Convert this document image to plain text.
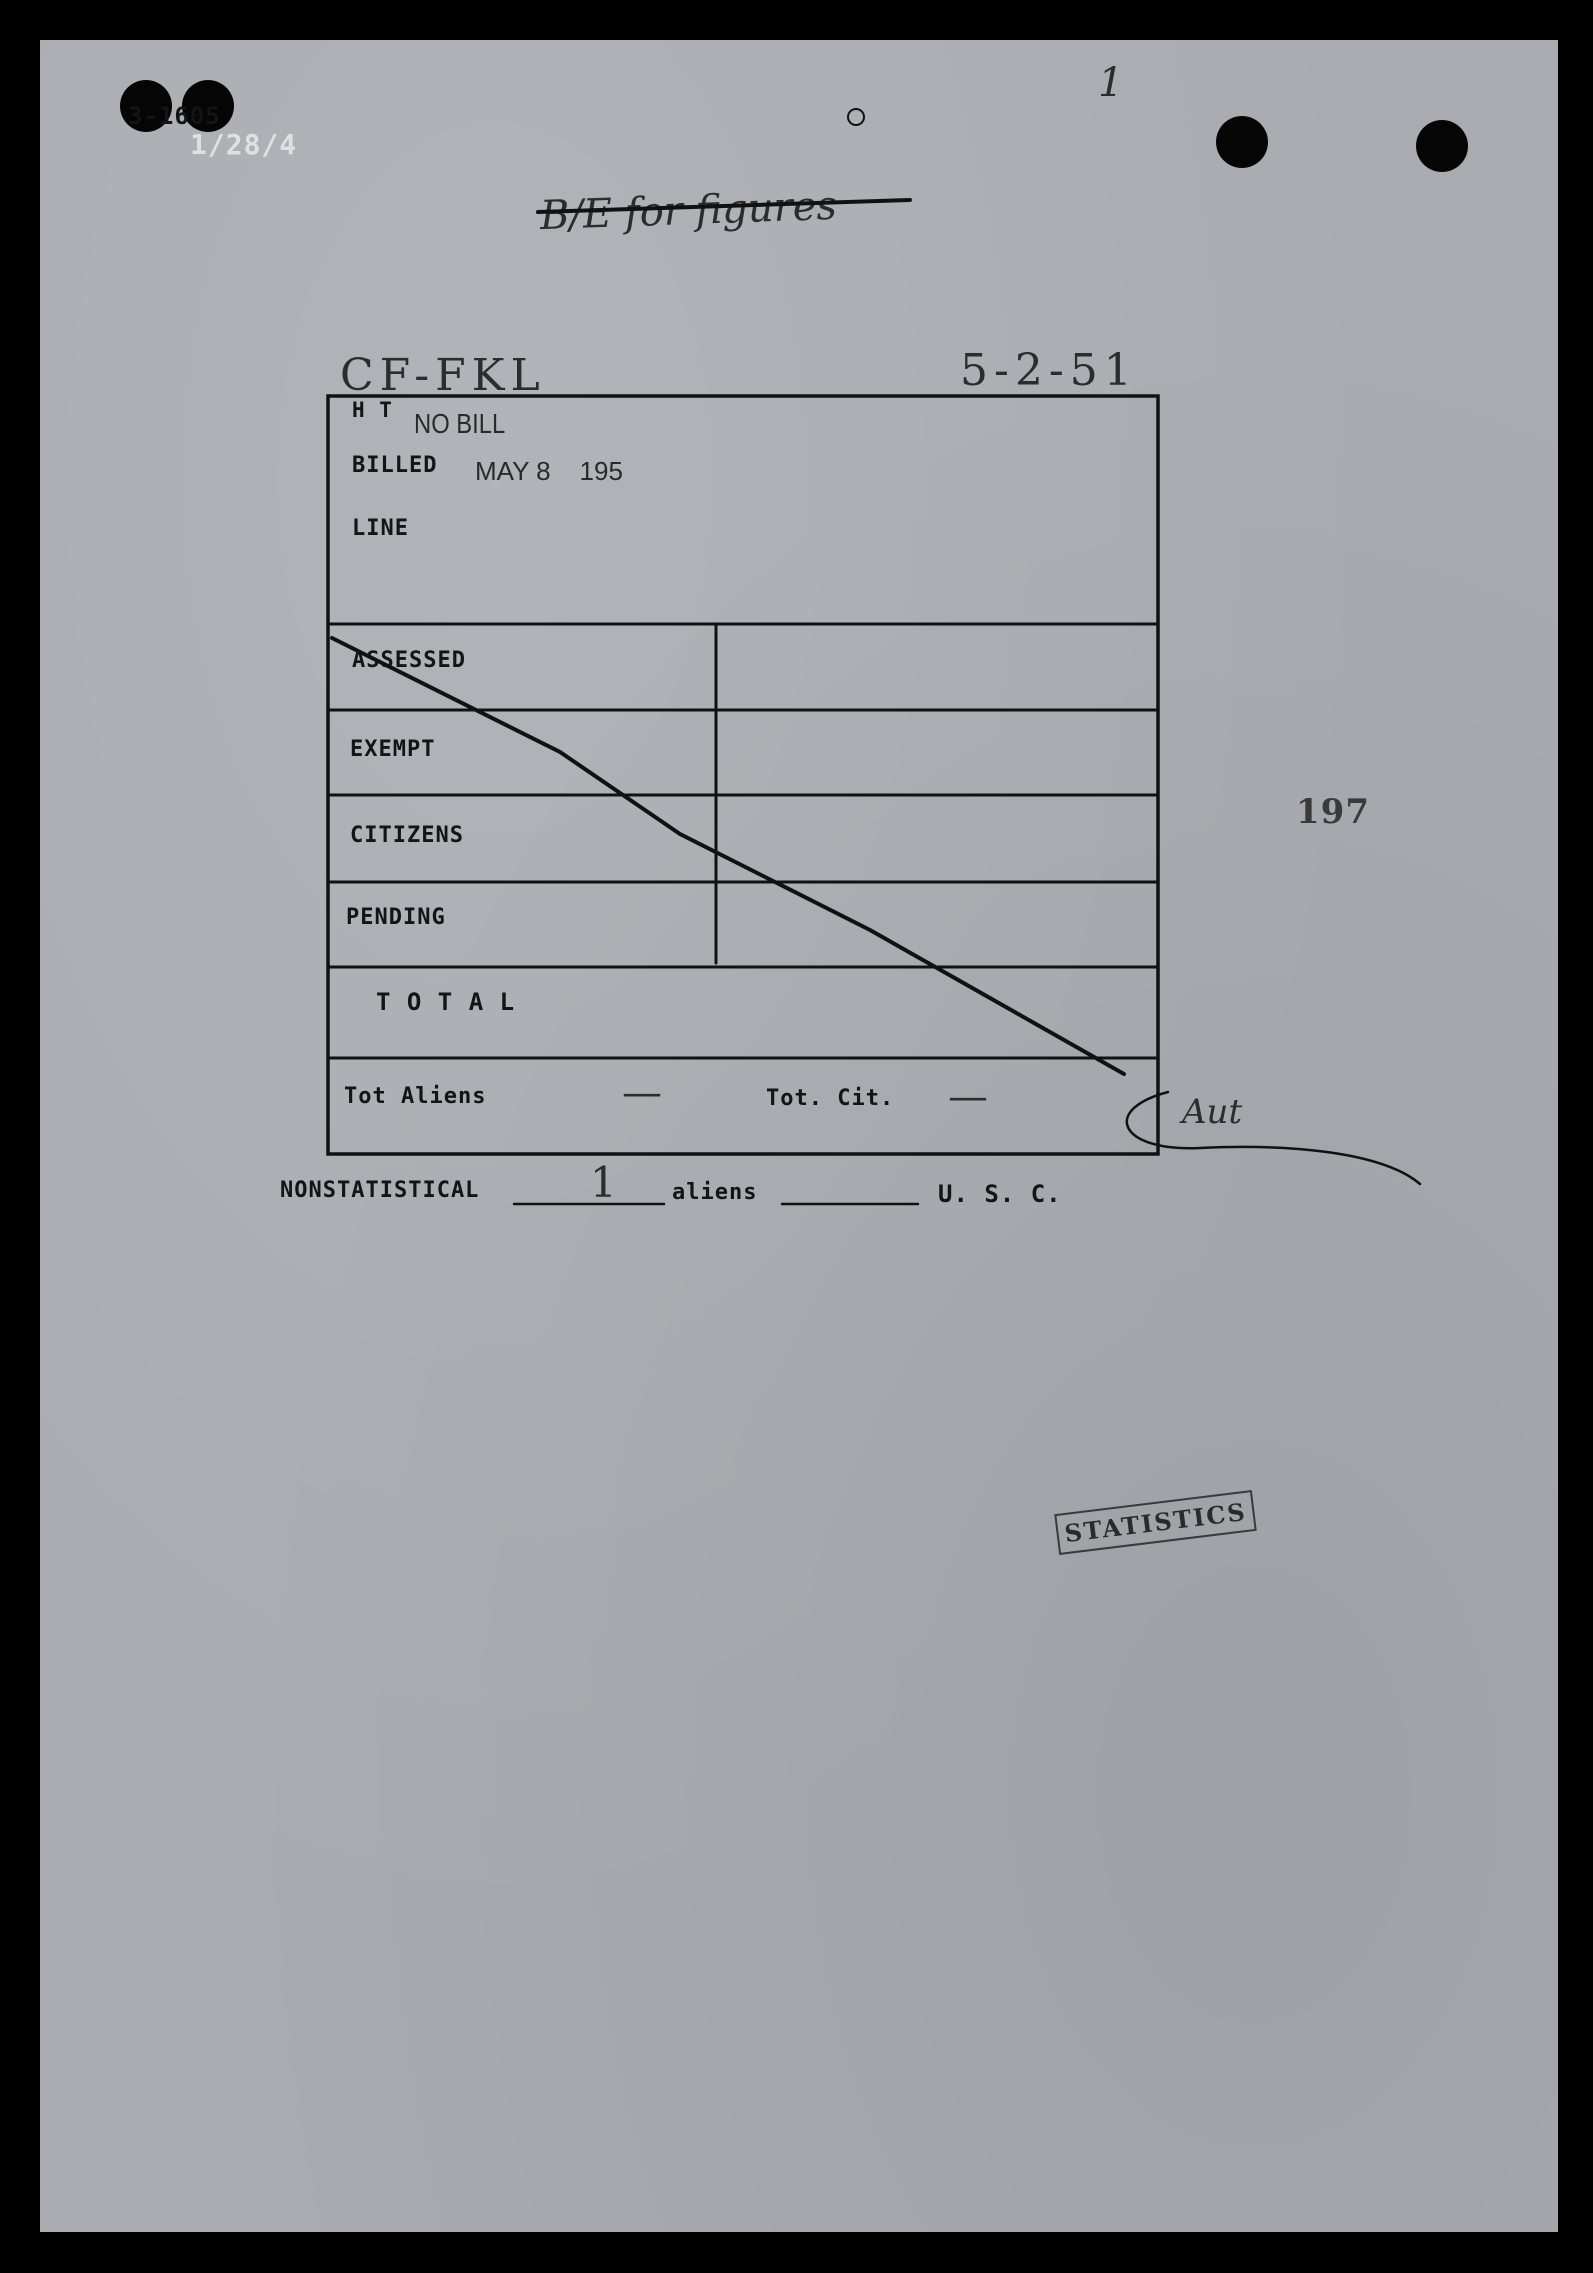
3-1605
1/28/4
1
B/E for figures
CF-FKL	5-2-51
H T NO BILL
BILLED MAY 8    195
LINE
ASSESSED
EXEMPT
CITIZENS
PENDING
T O T A L
Tot Aliens	—	Tot. Cit. —
NONSTATISTICAL	1	aliens	U. S. C.
Aut
197
STATISTICS
